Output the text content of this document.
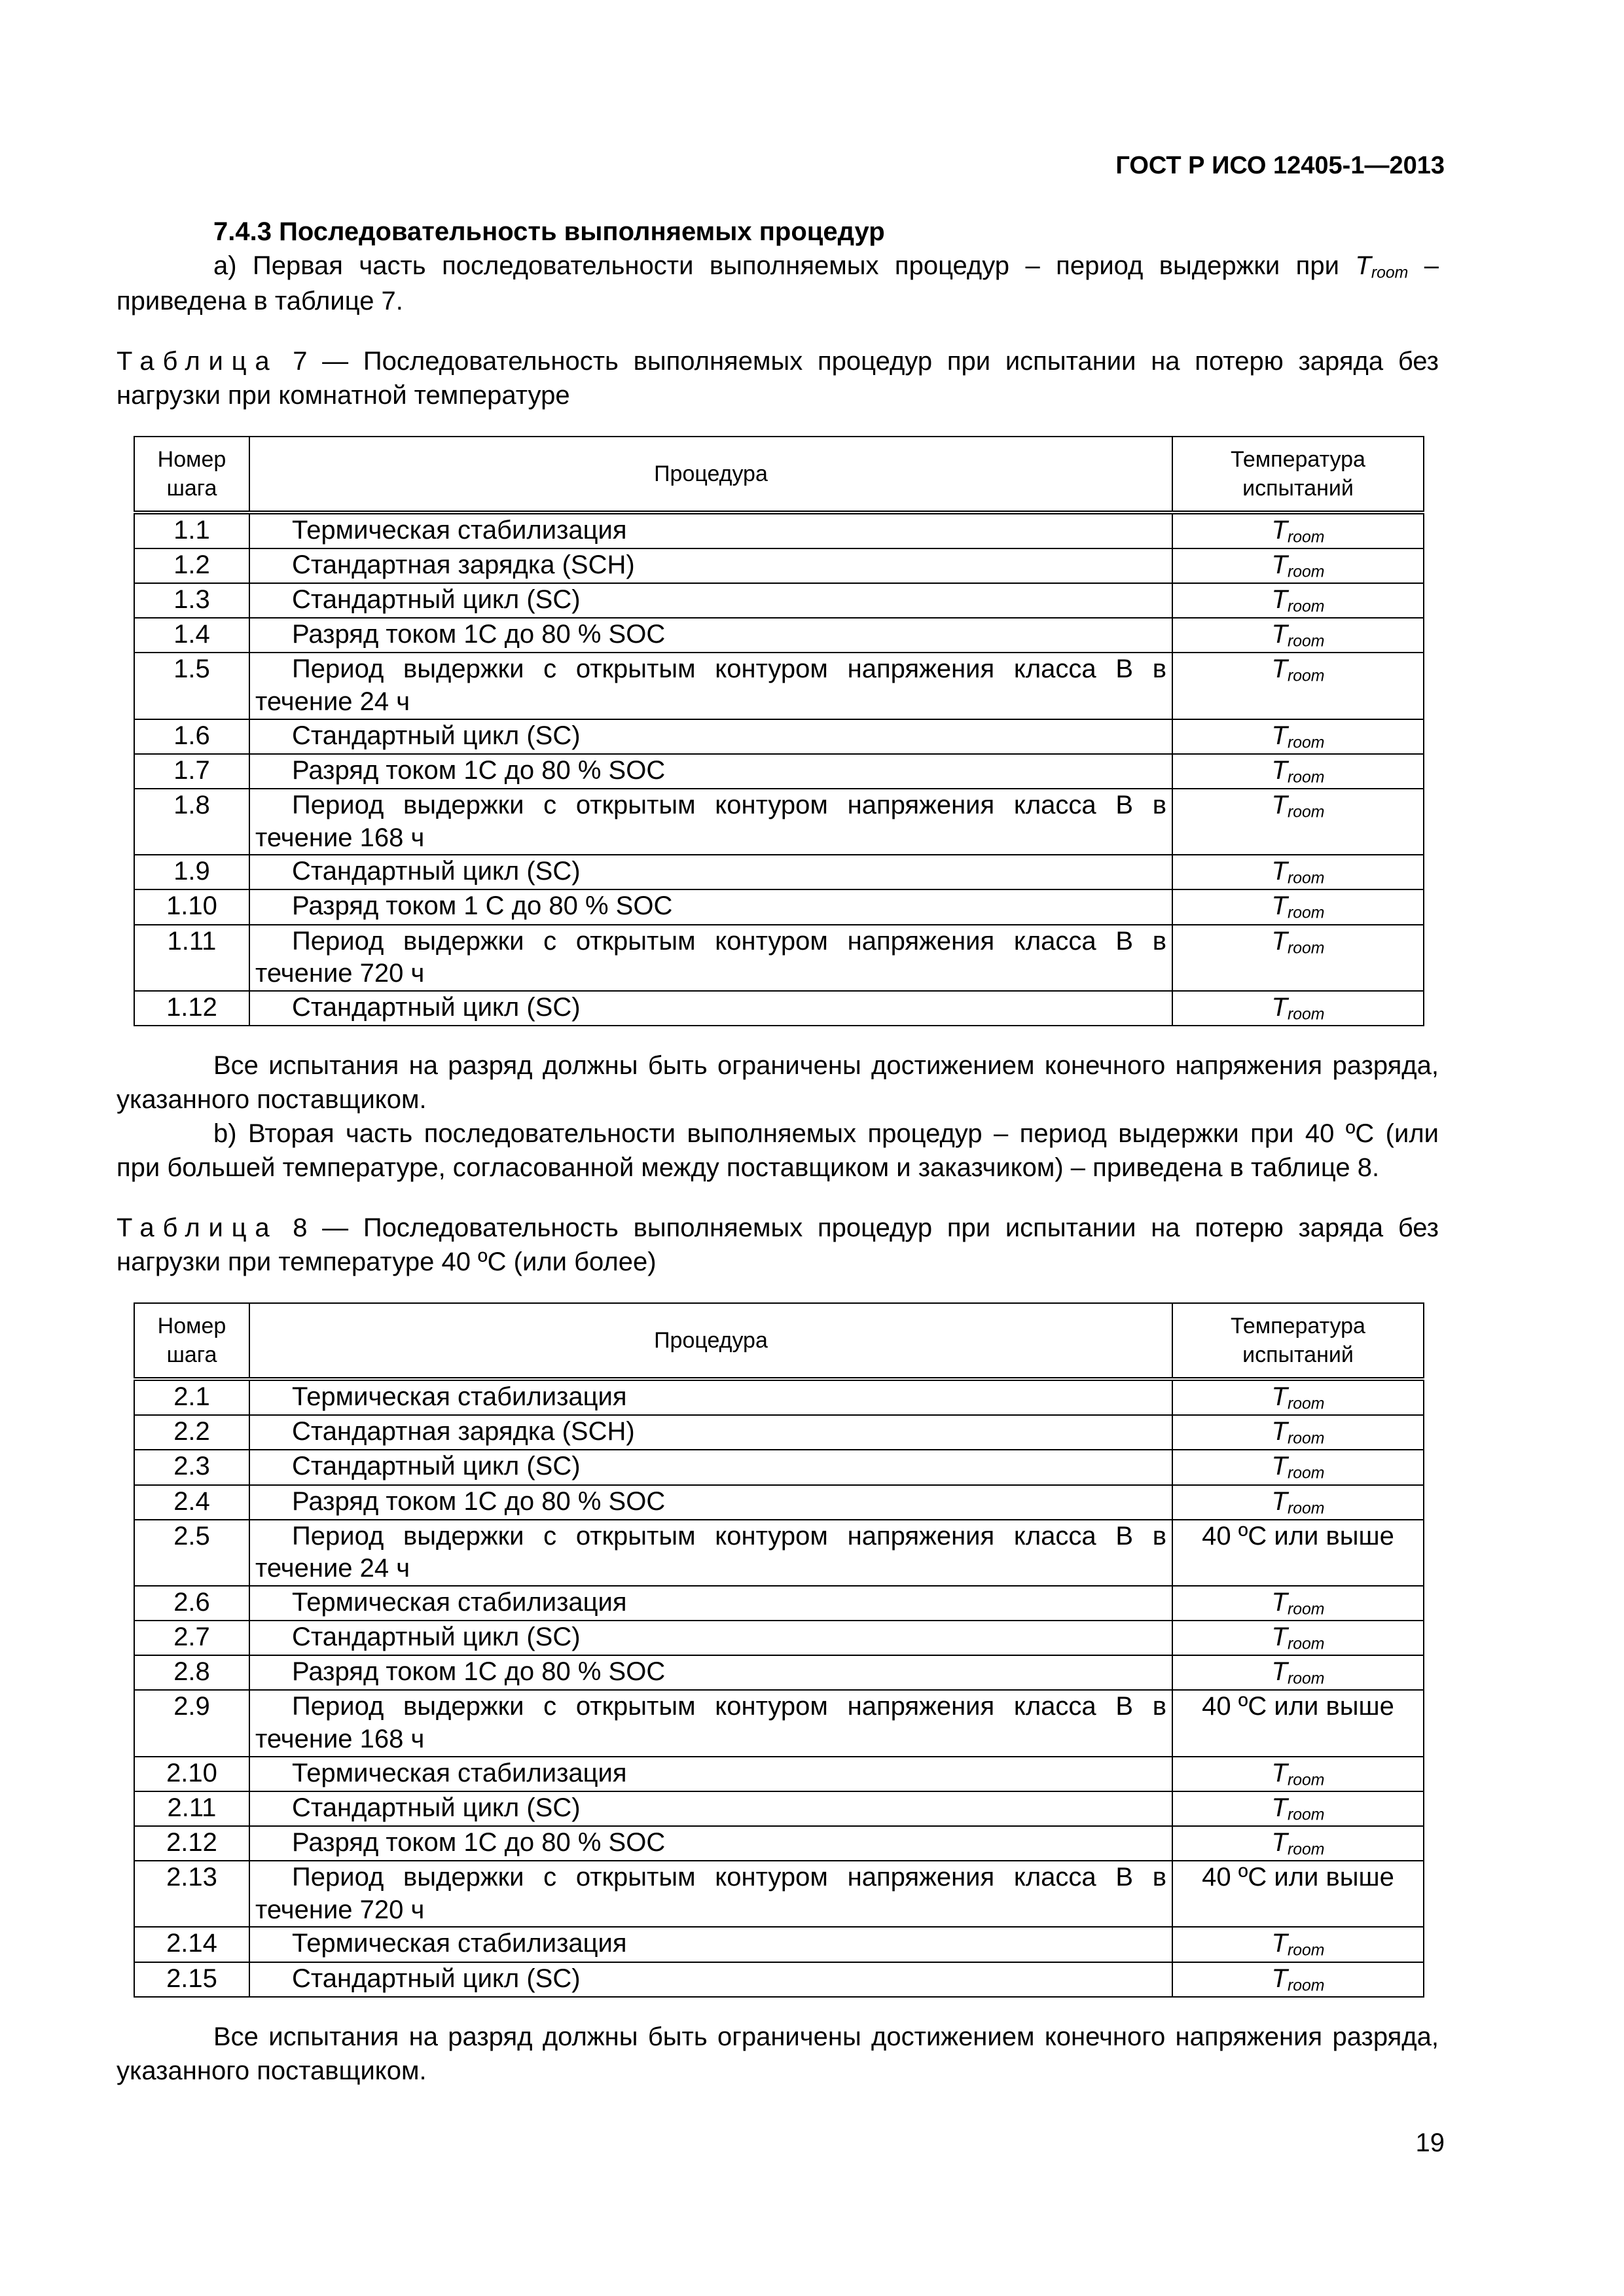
ГОСТ Р ИСО 12405-1—2013
7.4.3 Последовательность выполняемых процедур

a) Первая часть последовательности выполняемых процедур – период выдержки при $T_{room}$ – приведена в таблице 7.

Таблица 7 — Последовательность выполняемых процедур при испытании на потерю заряда без нагрузки при комнатной температуре

Номер шага	Процедура	Температура испытаний
1.1	Термическая стабилизация	$T_{room}$
1.2	Стандартная зарядка (SCH)	$T_{room}$
1.3	Стандартный цикл (SC)	$T_{room}$
1.4	Разряд током 1C до 80 % SOC	$T_{room}$
1.5	Период выдержки с открытым контуром напряжения класса В в течение 24 ч	$T_{room}$
1.6	Стандартный цикл (SC)	$T_{room}$
1.7	Разряд током 1C до 80 % SOC	$T_{room}$
1.8	Период выдержки с открытым контуром напряжения класса В в течение 168 ч	$T_{room}$
1.9	Стандартный цикл (SC)	$T_{room}$
1.10	Разряд током 1 C до 80 % SOC	$T_{room}$
1.11	Период выдержки с открытым контуром напряжения класса В в течение 720 ч	$T_{room}$
1.12	Стандартный цикл (SC)	$T_{room}$

Все испытания на разряд должны быть ограничены достижением конечного напряжения разряда, указанного поставщиком.

b) Вторая часть последовательности выполняемых процедур – период выдержки при 40 ºС (или при большей температуре, согласованной между поставщиком и заказчиком) – приведена в таблице 8.

Таблица 8 — Последовательность выполняемых процедур при испытании на потерю заряда без нагрузки при температуре 40 ºС (или более)

Номер шага	Процедура	Температура испытаний
2.1	Термическая стабилизация	$T_{room}$
2.2	Стандартная зарядка (SCH)	$T_{room}$
2.3	Стандартный цикл (SC)	$T_{room}$
2.4	Разряд током 1C до 80 % SOC	$T_{room}$
2.5	Период выдержки с открытым контуром напряжения класса В в течение 24 ч	40 ºС или выше
2.6	Термическая стабилизация	$T_{room}$
2.7	Стандартный цикл (SC)	$T_{room}$
2.8	Разряд током 1C до 80 % SOC	$T_{room}$
2.9	Период выдержки с открытым контуром напряжения класса В в течение 168 ч	40 ºС или выше
2.10	Термическая стабилизация	$T_{room}$
2.11	Стандартный цикл (SC)	$T_{room}$
2.12	Разряд током 1C до 80 % SOC	$T_{room}$
2.13	Период выдержки с открытым контуром напряжения класса В в течение 720 ч	40 ºС или выше
2.14	Термическая стабилизация	$T_{room}$
2.15	Стандартный цикл (SC)	$T_{room}$

Все испытания на разряд должны быть ограничены достижением конечного напряжения разряда, указанного поставщиком.

19
